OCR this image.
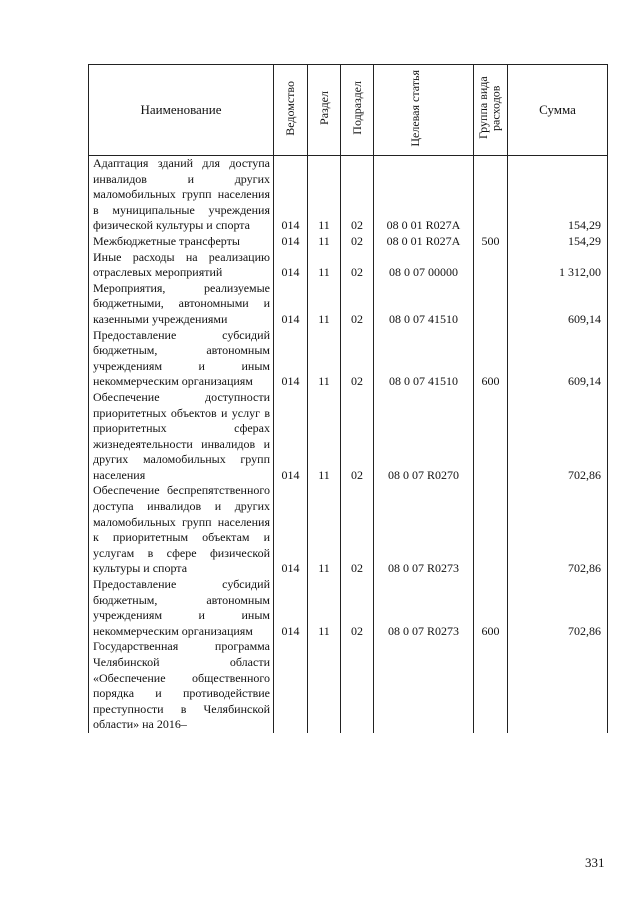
Наименование	Ведомство	Раздел	Подраздел	Целевая статья	Группа вида расходов	Сумма
Адаптация зданий для доступа инвалидов и других маломобильных групп населения в муниципальные учреждения физической культуры и спорта	014	11	02	08 0 01 R027A		154,29
Межбюджетные трансферты	014	11	02	08 0 01 R027A	500	154,29
Иные расходы на реализацию отраслевых мероприятий	014	11	02	08 0 07 00000		1 312,00
Мероприятия, реализуемые бюджетными, автономными и казенными учреждениями	014	11	02	08 0 07 41510		609,14
Предоставление субсидий бюджетным, автономным учреждениям и иным некоммерческим организациям	014	11	02	08 0 07 41510	600	609,14
Обеспечение доступности приоритетных объектов и услуг в приоритетных сферах жизнедеятельности инвалидов и других маломобильных групп населения	014	11	02	08 0 07 R0270		702,86
Обеспечение беспрепятственного доступа инвалидов и других маломобильных групп населения к приоритетным объектам и услугам в сфере физической культуры и спорта	014	11	02	08 0 07 R0273		702,86
Предоставление субсидий бюджетным, автономным учреждениям и иным некоммерческим организациям	014	11	02	08 0 07 R0273	600	702,86
Государственная программа Челябинской области «Обеспечение общественного порядка и противодействие преступности в Челябинской области» на 2016–						
331
